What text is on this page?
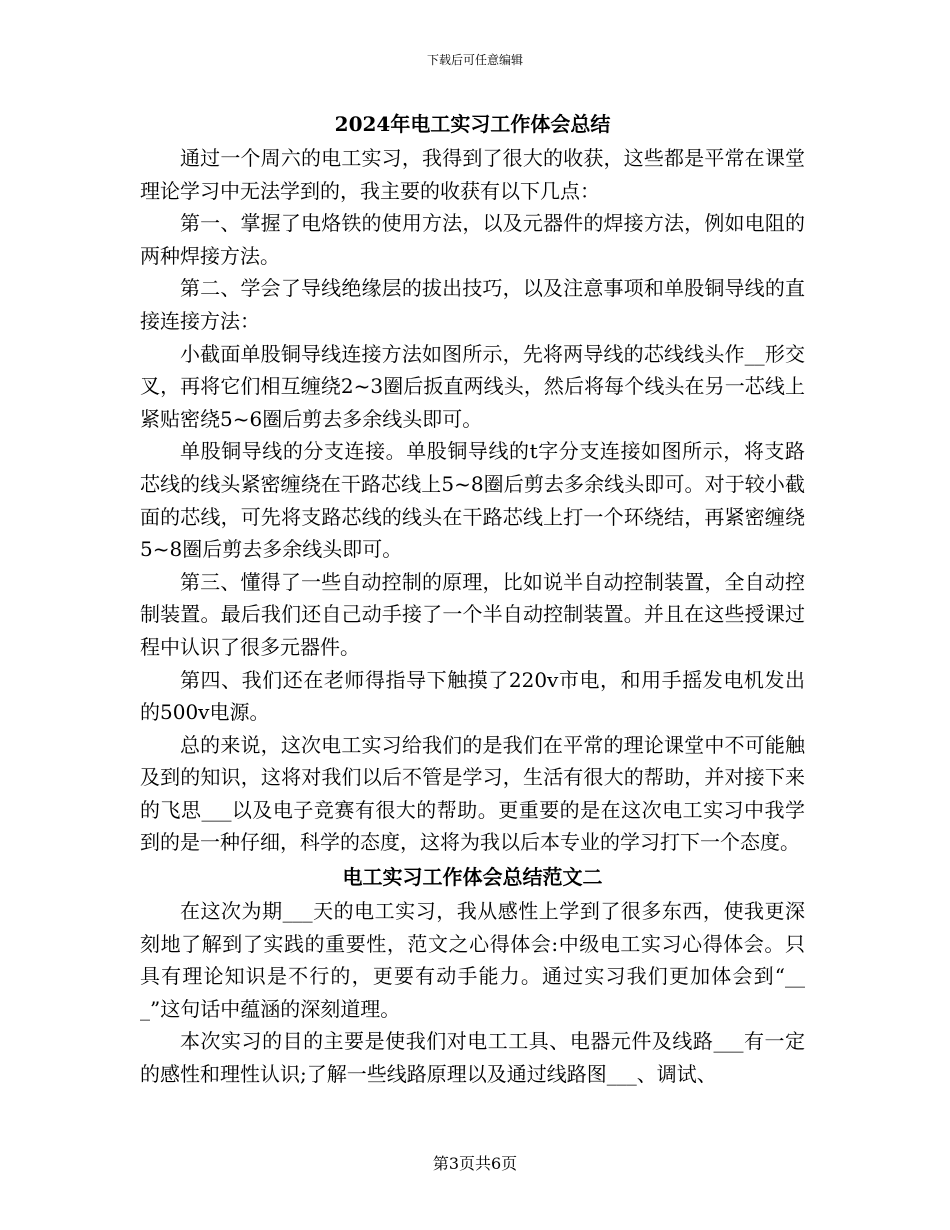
下载后可任意编辑
2024年电工实习工作体会总结

通过一个周六的电工实习，我得到了很大的收获，这些都是平常在课堂理论学习中无法学到的，我主要的收获有以下几点：

第一、掌握了电烙铁的使用方法，以及元器件的焊接方法，例如电阻的两种焊接方法。

第二、学会了导线绝缘层的拔出技巧，以及注意事项和单股铜导线的直接连接方法：

小截面单股铜导线连接方法如图所示，先将两导线的芯线线头作__形交叉，再将它们相互缠绕2~3圈后扳直两线头，然后将每个线头在另一芯线上紧贴密绕5~6圈后剪去多余线头即可。

单股铜导线的分支连接。单股铜导线的t字分支连接如图所示，将支路芯线的线头紧密缠绕在干路芯线上5~8圈后剪去多余线头即可。对于较小截面的芯线，可先将支路芯线的线头在干路芯线上打一个环绕结，再紧密缠绕5~8圈后剪去多余线头即可。

第三、懂得了一些自动控制的原理，比如说半自动控制装置，全自动控制装置。最后我们还自己动手接了一个半自动控制装置。并且在这些授课过程中认识了很多元器件。

第四、我们还在老师得指导下触摸了220v市电，和用手摇发电机发出的500v电源。

总的来说，这次电工实习给我们的是我们在平常的理论课堂中不可能触及到的知识，这将对我们以后不管是学习，生活有很大的帮助，并对接下来的飞思___以及电子竞赛有很大的帮助。更重要的是在这次电工实习中我学到的是一种仔细，科学的态度，这将为我以后本专业的学习打下一个态度。

电工实习工作体会总结范文二

在这次为期___天的电工实习，我从感性上学到了很多东西，使我更深刻地了解到了实践的重要性，范文之心得体会:中级电工实习心得体会。只具有理论知识是不行的，更要有动手能力。通过实习我们更加体会到“___”这句话中蕴涵的深刻道理。

本次实习的目的主要是使我们对电工工具、电器元件及线路___有一定的感性和理性认识;了解一些线路原理以及通过线路图___、调试、

第3页共6页
